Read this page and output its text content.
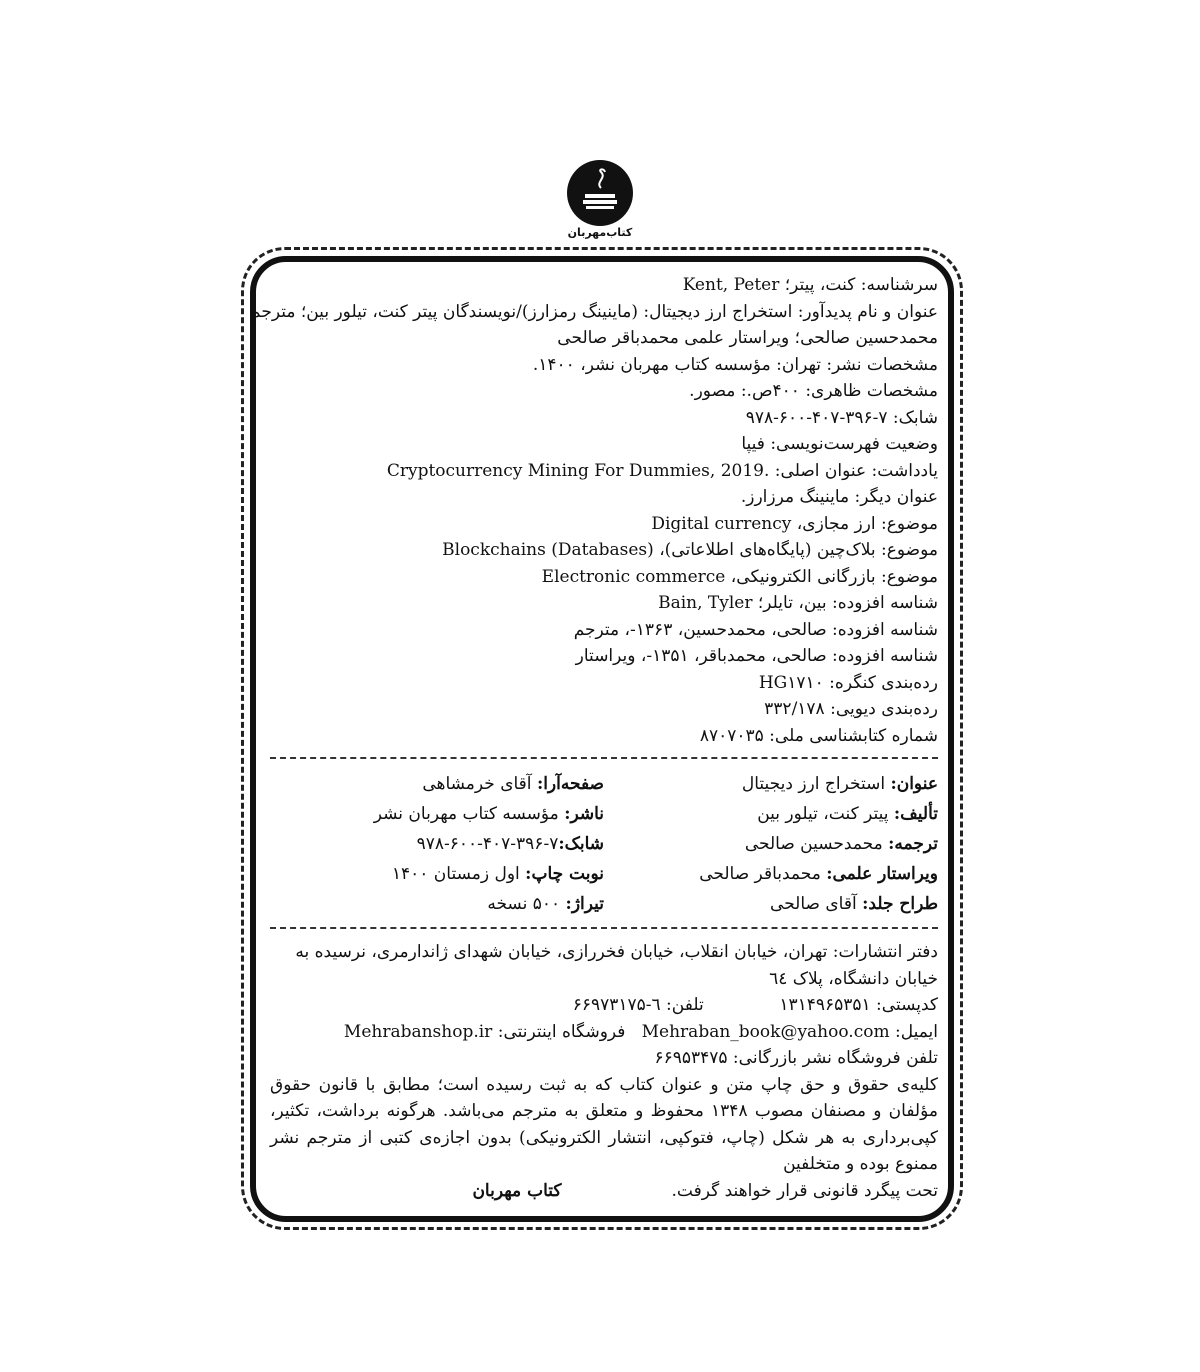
کتاب‌مهربان
سرشناسه: کنت، پیتر؛ Kent, Peter
عنوان و نام پدیدآور: استخراج ارز دیجیتال: (ماینینگ رمزارز)/نویسندگان پیتر کنت، تیلور بین؛ مترجم
محمدحسین صالحی؛ ویراستار علمی محمدباقر صالحی
مشخصات نشر: تهران: مؤسسه کتاب مهربان نشر، ۱۴۰۰.
مشخصات ظاهری: ۴۰۰ص.: مصور.
شابک: ۷-۳۹۶-۴۰۷-۶۰۰-۹۷۸
وضعیت فهرست‌نویسی: فیپا
یادداشت: عنوان اصلی: Cryptocurrency Mining For Dummies, 2019.
عنوان دیگر: ماینینگ مرزارز.
موضوع: ارز مجازی، Digital currency
موضوع: بلاک‌چین (پایگاه‌های اطلاعاتی)، Blockchains (Databases)
موضوع: بازرگانی الکترونیکی، Electronic commerce
شناسه افزوده: بین، تایلر؛ Bain, Tyler
شناسه افزوده: صالحی، محمدحسین، ۱۳۶۳-، مترجم
شناسه افزوده: صالحی، محمدباقر، ۱۳۵۱-، ویراستار
رده‌بندی کنگره: HG۱۷۱۰
رده‌بندی دیویی: ۳۳۲/۱۷۸
شماره کتابشناسی ملی: ۸۷۰۷۰۳۵
عنوان: استخراج ارز دیجیتال
تألیف: پیتر کنت، تیلور بین
ترجمه: محمدحسین صالحی
ویراستار علمی: محمدباقر صالحی
طراح جلد: آقای صالحی
صفحه‌آرا: آقای خرمشاهی
ناشر: مؤسسه کتاب مهربان نشر
شابک:۷-۳۹۶-۴۰۷-۶۰۰-۹۷۸
نوبت چاپ: اول زمستان ۱۴۰۰
تیراژ: ۵۰۰ نسخه
دفتر انتشارات: تهران، خیابان انقلاب، خیابان فخررازی، خیابان شهدای ژاندارمری، نرسیده به خیابان دانشگاه، پلاک ٦٤
کدپستی: ۱۳۱۴۹۶۵۳۵۱              تلفن: ٦-۶۶۹۷۳۱۷۵
ایمیل: Mehraban_book@yahoo.com   فروشگاه اینترنتی: Mehrabanshop.ir
تلفن فروشگاه نشر بازرگانی: ۶۶۹۵۳۴۷۵
کلیه‌ی حقوق و حق چاپ متن و عنوان کتاب که به ثبت رسیده است؛ مطابق با قانون حقوق مؤلفان و مصنفان مصوب ۱۳۴۸ محفوظ و متعلق به مترجم می‌باشد. هرگونه برداشت، تکثیر، کپی‌برداری به هر شکل (چاپ، فتوکپی، انتشار الکترونیکی) بدون اجازه‌ی کتبی از مترجم نشر ممنوع بوده و متخلفین
تحت پیگرد قانونی قرار خواهند گرفت.کتاب مهربان
